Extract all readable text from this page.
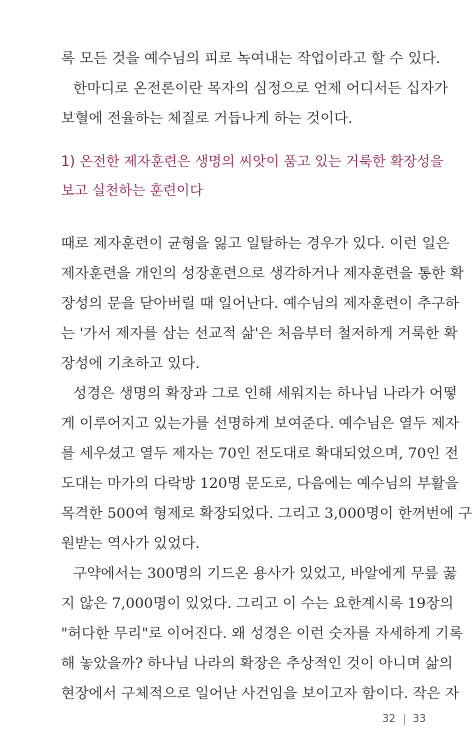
록 모든 것을 예수님의 피로 녹여내는 작업이라고 할 수 있다.
한마디로 온전론이란 목자의 심정으로 언제 어디서든 십자가
보혈에 전율하는 체질로 거듭나게 하는 것이다.
1) 온전한 제자훈련은 생명의 씨앗이 품고 있는 거룩한 확장성을
보고 실천하는 훈련이다
때로 제자훈련이 균형을 잃고 일탈하는 경우가 있다. 이런 일은
제자훈련을 개인의 성장훈련으로 생각하거나 제자훈련을 통한 확
장성의 문을 닫아버릴 때 일어난다. 예수님의 제자훈련이 추구하
는 '가서 제자를 삼는 선교적 삶'은 처음부터 철저하게 거룩한 확
장성에 기초하고 있다.
성경은 생명의 확장과 그로 인해 세워지는 하나님 나라가 어떻
게 이루어지고 있는가를 선명하게 보여준다. 예수님은 열두 제자
를 세우셨고 열두 제자는 70인 전도대로 확대되었으며, 70인 전
도대는 마가의 다락방 120명 문도로, 다음에는 예수님의 부활을
목격한 500여 형제로 확장되었다. 그리고 3,000명이 한꺼번에 구
원받는 역사가 있었다.
구약에서는 300명의 기드온 용사가 있었고, 바알에게 무릎 꿇
지 않은 7,000명이 있었다. 그리고 이 수는 요한계시록 19장의
"허다한 무리"로 이어진다. 왜 성경은 이런 숫자를 자세하게 기록
해 놓았을까? 하나님 나라의 확장은 추상적인 것이 아니며 삶의
현장에서 구체적으로 일어난 사건임을 보이고자 함이다. 작은 자
32 33
